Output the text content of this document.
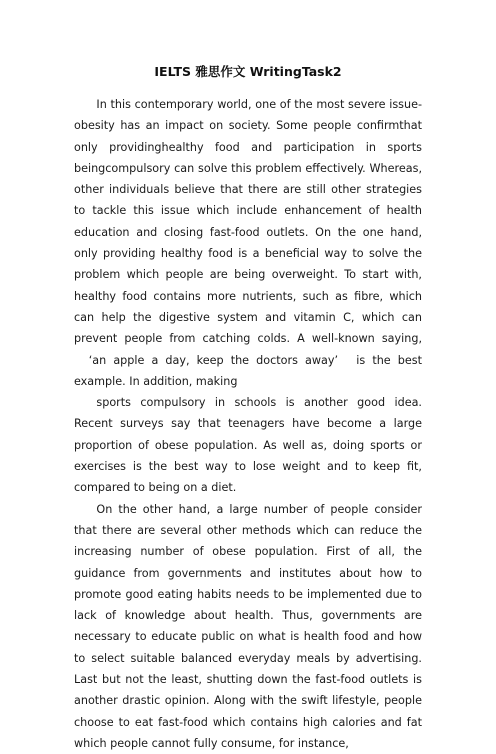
IELTS 雅思作文 WritingTask2

In this contemporary world, one of the most severe issue-obesity has an impact on society. Some people confirmthat only providinghealthy food and participation in sports beingcompulsory can solve this problem effectively. Whereas, other individuals believe that there are still other strategies to tackle this issue which include enhancement of health education and closing fast-food outlets. On the one hand, only providing healthy food is a beneficial way to solve the problem which people are being overweight. To start with, healthy food contains more nutrients, such as fibre, which can help the digestive system and vitamin C, which can prevent people from catching colds. A well-known saying, 　‘an apple a day, keep the doctors away’　is the best example. In addition, making

sports compulsory in schools is another good idea. Recent surveys say that teenagers have become a large proportion of obese population. As well as, doing sports or exercises is the best way to lose weight and to keep fit, compared to being on a diet.

On the other hand, a large number of people consider that there are several other methods which can reduce the increasing number of obese population. First of all, the guidance from governments and institutes about how to promote good eating habits needs to be implemented due to lack of knowledge about health. Thus, governments are necessary to educate public on what is health food and how to select suitable balanced everyday meals by advertising. Last but not the least, shutting down the fast-food outlets is another drastic opinion. Along with the swift lifestyle, people choose to eat fast-food which contains high calories and fat which people cannot fully consume, for instance,
